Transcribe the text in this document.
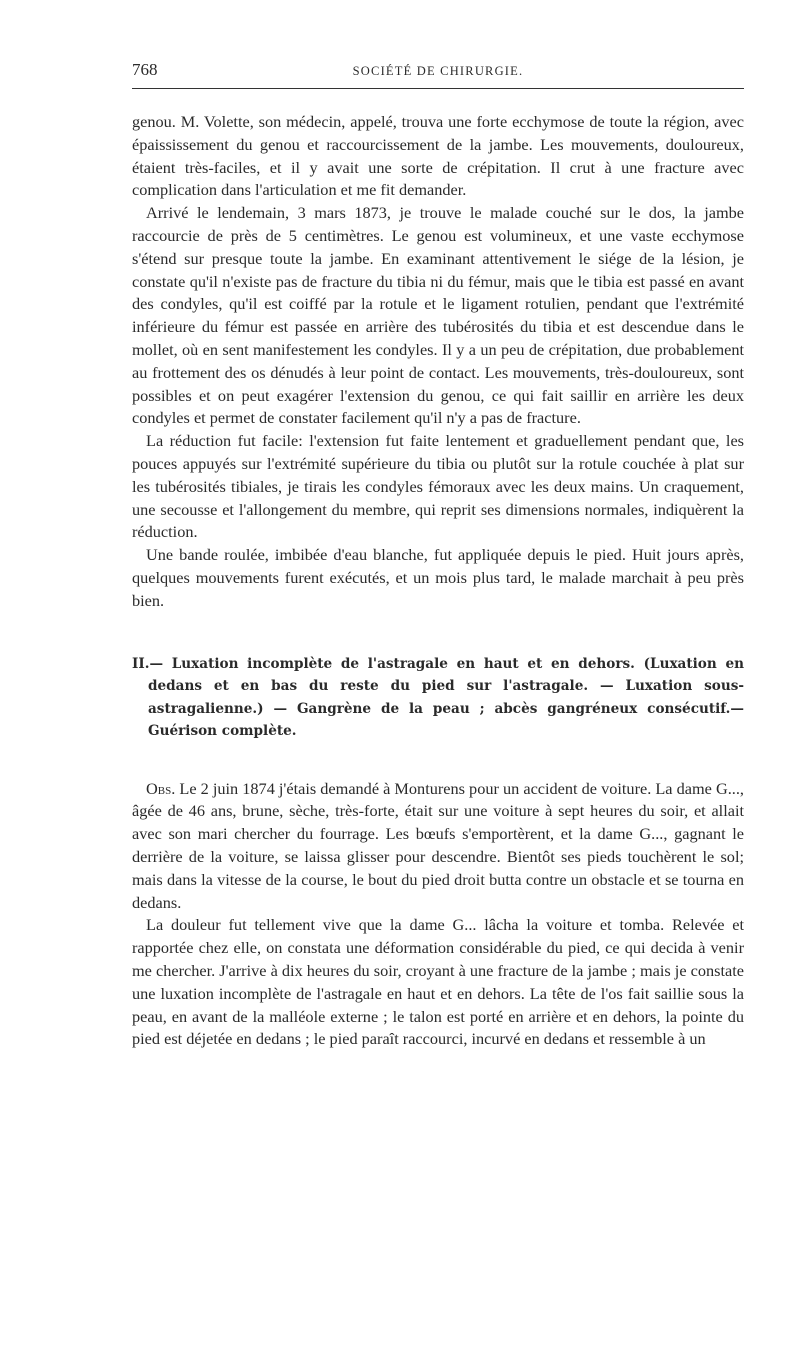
768	SOCIÉTÉ DE CHIRURGIE.

genou. M. Volette, son médecin, appelé, trouva une forte ecchymose de toute la région, avec épaississement du genou et raccourcissement de la jambe. Les mouvements, douloureux, étaient très-faciles, et il y avait une sorte de crépitation. Il crut à une fracture avec complication dans l'articulation et me fit demander.

Arrivé le lendemain, 3 mars 1873, je trouve le malade couché sur le dos, la jambe raccourcie de près de 5 centimètres. Le genou est volumineux, et une vaste ecchymose s'étend sur presque toute la jambe. En examinant attentivement le siége de la lésion, je constate qu'il n'existe pas de fracture du tibia ni du fémur, mais que le tibia est passé en avant des condyles, qu'il est coiffé par la rotule et le ligament rotulien, pendant que l'extrémité inférieure du fémur est passée en arrière des tubérosités du tibia et est descendue dans le mollet, où en sent manifestement les condyles. Il y a un peu de crépitation, due probablement au frottement des os dénudés à leur point de contact. Les mouvements, très-douloureux, sont possibles et on peut exagérer l'extension du genou, ce qui fait saillir en arrière les deux condyles et permet de constater facilement qu'il n'y a pas de fracture.

La réduction fut facile: l'extension fut faite lentement et graduellement pendant que, les pouces appuyés sur l'extrémité supérieure du tibia ou plutôt sur la rotule couchée à plat sur les tubérosités tibiales, je tirais les condyles fémoraux avec les deux mains. Un craquement, une secousse et l'allongement du membre, qui reprit ses dimensions normales, indiquèrent la réduction.

Une bande roulée, imbibée d'eau blanche, fut appliquée depuis le pied. Huit jours après, quelques mouvements furent exécutés, et un mois plus tard, le malade marchait à peu près bien.

II.— Luxation incomplète de l'astragale en haut et en dehors. (Luxation en dedans et en bas du reste du pied sur l'astragale. — Luxation sous-astragalienne.) — Gangrène de la peau ; abcès gangréneux consécutif.— Guérison complète.

Obs. Le 2 juin 1874 j'étais demandé à Monturens pour un accident de voiture. La dame G..., âgée de 46 ans, brune, sèche, très-forte, était sur une voiture à sept heures du soir, et allait avec son mari chercher du fourrage. Les bœufs s'emportèrent, et la dame G..., gagnant le derrière de la voiture, se laissa glisser pour descendre. Bientôt ses pieds touchèrent le sol; mais dans la vitesse de la course, le bout du pied droit butta contre un obstacle et se tourna en dedans.

La douleur fut tellement vive que la dame G... lâcha la voiture et tomba. Relevée et rapportée chez elle, on constata une déformation considérable du pied, ce qui decida à venir me chercher. J'arrive à dix heures du soir, croyant à une fracture de la jambe ; mais je constate une luxation incomplète de l'astragale en haut et en dehors. La tête de l'os fait saillie sous la peau, en avant de la malléole externe ; le talon est porté en arrière et en dehors, la pointe du pied est déjetée en dedans ; le pied paraît raccourci, incurvé en dedans et ressemble à un
